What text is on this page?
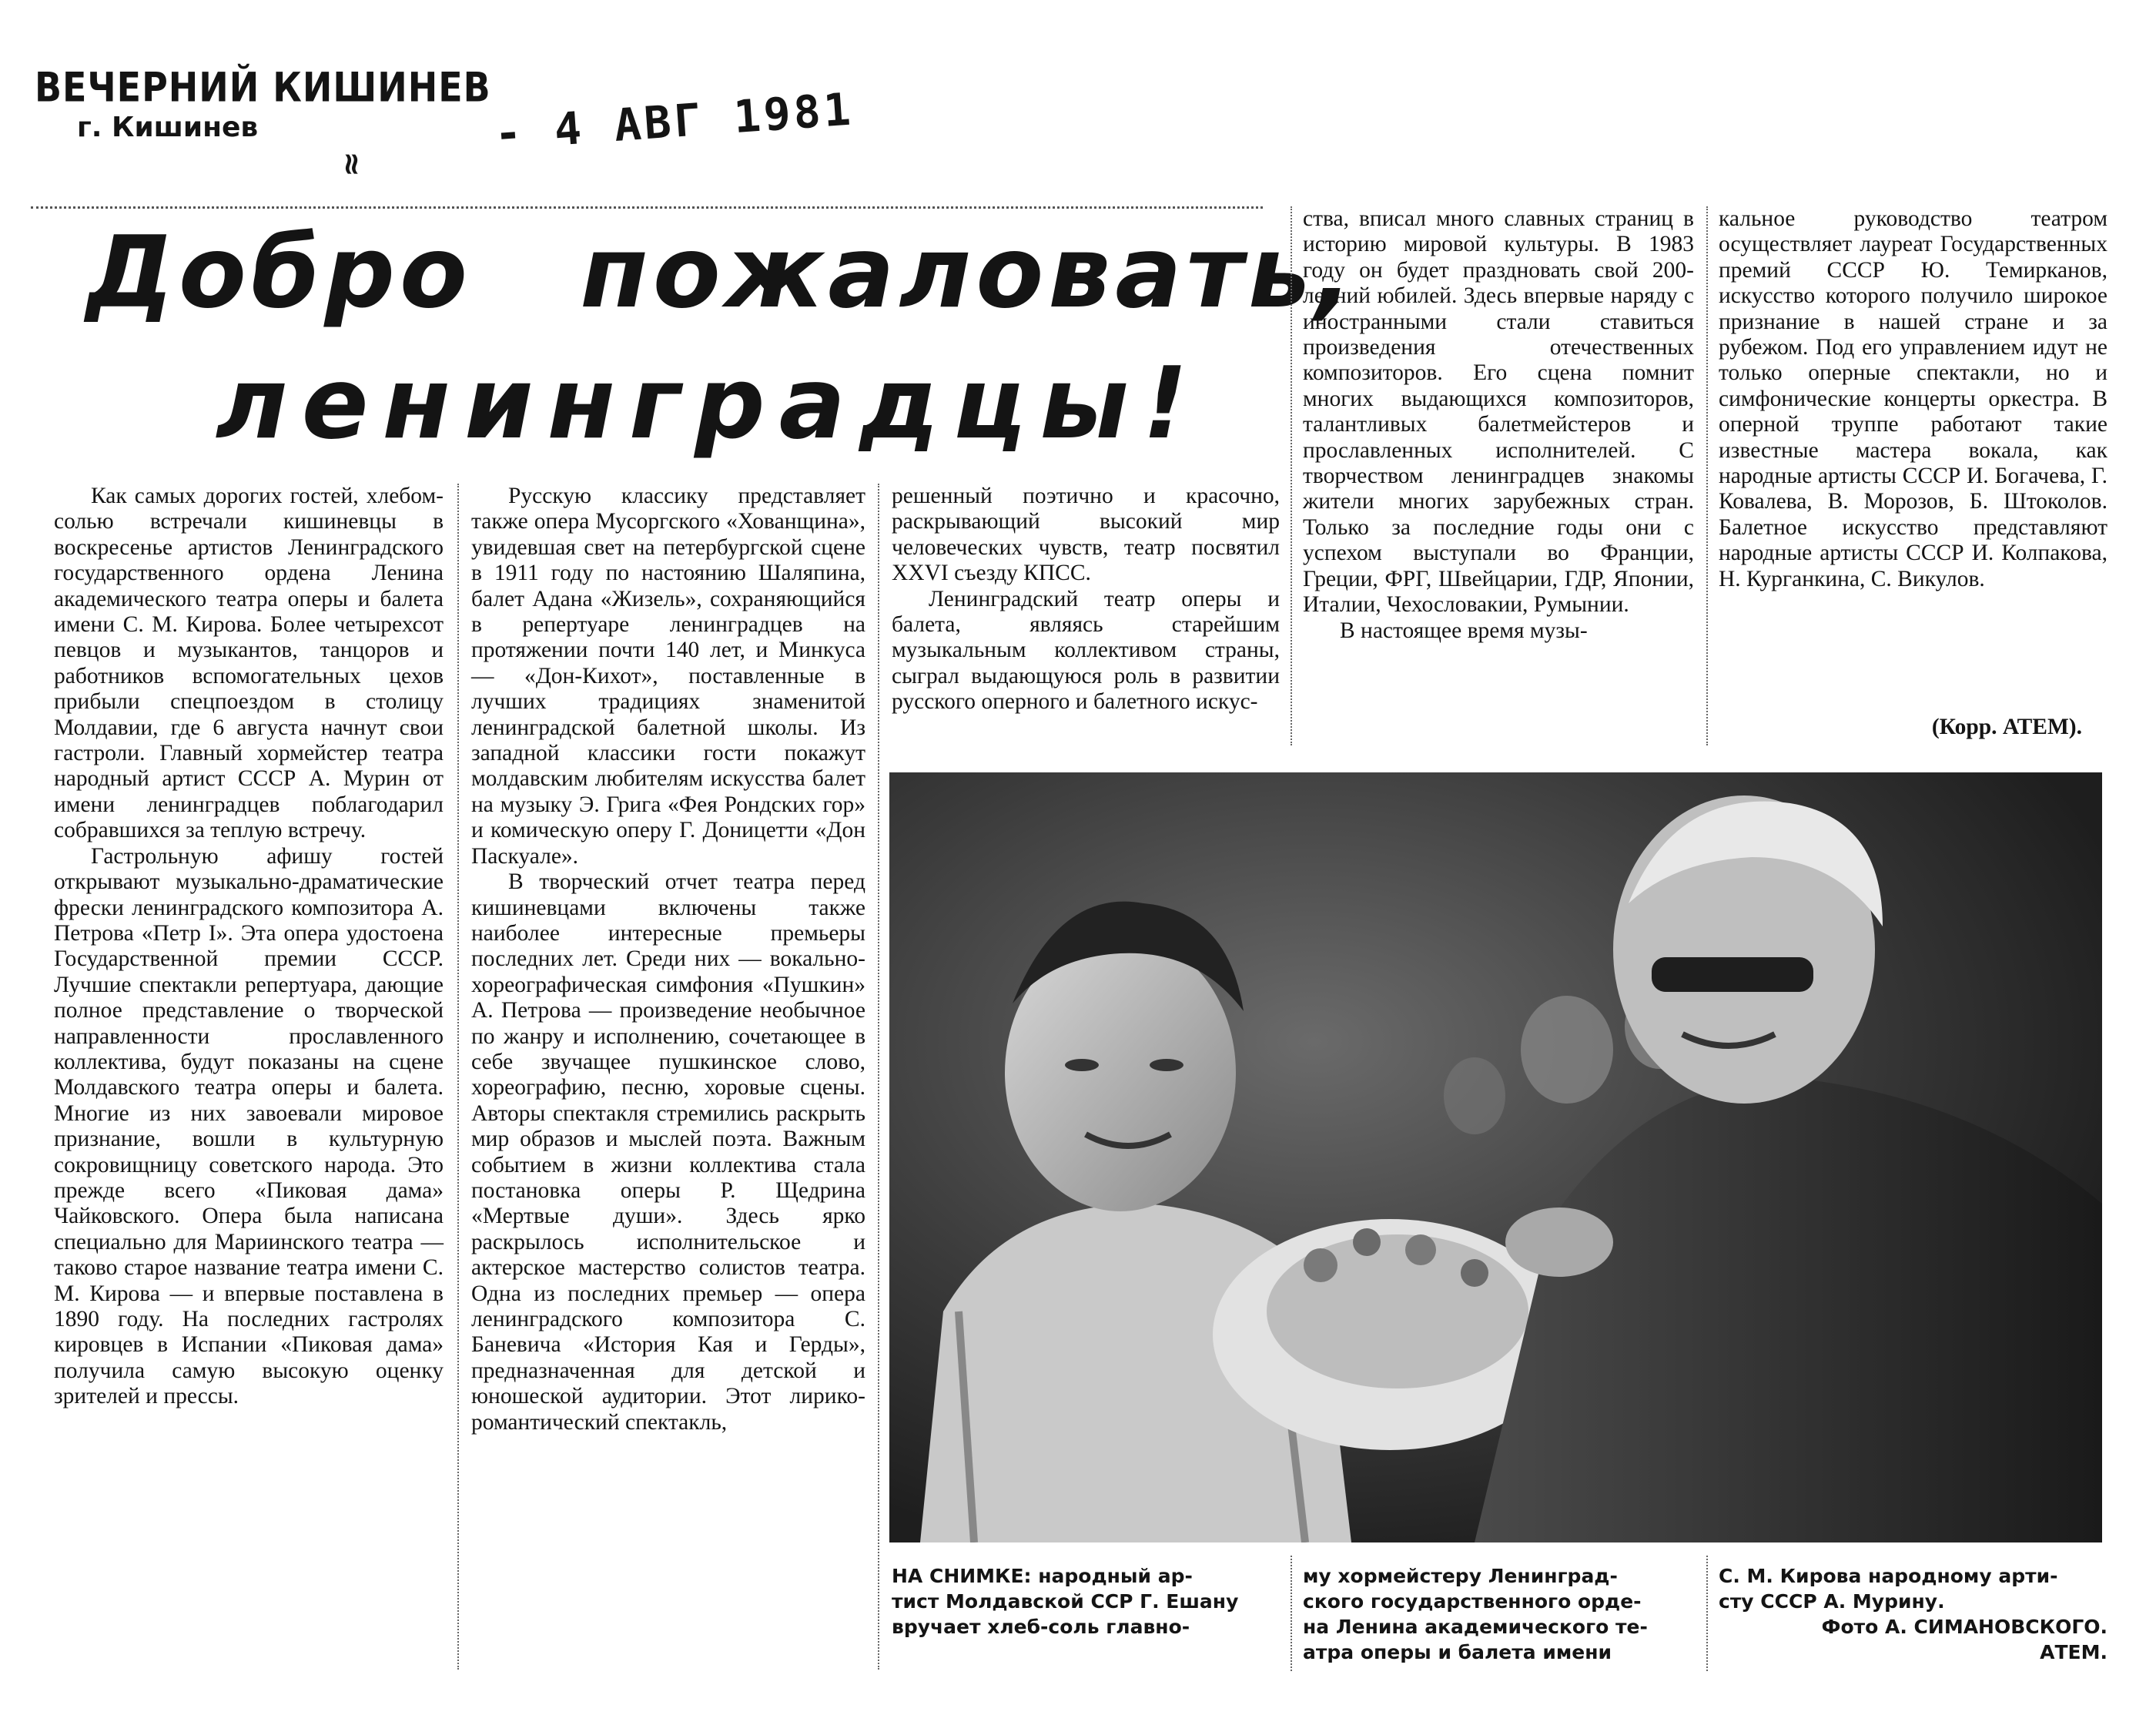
ВЕЧЕРНИЙ КИШИНЕВ
г. Кишинев
≈
- 4 АВГ 1981
Добро пожаловать,
ленинградцы!

Как самых дорогих гостей, хлебом-солью встречали кишиневцы в воскресенье артистов Ленинградского государственного ордена Ленина академического театра оперы и балета имени С. М. Кирова. Более четырехсот певцов и музыкантов, танцоров и работников вспомогательных цехов прибыли спецпоездом в столицу Молдавии, где 6 августа начнут свои гастроли. Главный хормейстер театра народный артист СССР А. Мурин от имени ленинградцев поблагодарил собравшихся за теплую встречу.

Гастрольную афишу гостей открывают музыкально-драматические фрески ленинградского композитора А. Петрова «Петр I». Эта опера удостоена Государственной премии СССР. Лучшие спектакли репертуара, дающие полное представление о творческой направленности прославленного коллектива, будут показаны на сцене Молдавского театра оперы и балета. Многие из них завоевали мировое признание, вошли в культурную сокровищницу советского народа. Это прежде всего «Пиковая дама» Чайковского. Опера была написана специально для Мариинского театра — таково старое название театра имени С. М. Кирова — и впервые поставлена в 1890 году. На последних гастролях кировцев в Испании «Пиковая дама» получила самую высокую оценку зрителей и прессы.

Русскую классику представляет также опера Мусоргского «Хованщина», увидевшая свет на петербургской сцене в 1911 году по настоянию Шаляпина, балет Адана «Жизель», сохраняющийся в репертуаре ленинградцев на протяжении почти 140 лет, и Минкуса — «Дон-Кихот», поставленные в лучших традициях знаменитой ленинградской балетной школы. Из западной классики гости покажут молдавским любителям искусства балет на музыку Э. Грига «Фея Рондских гор» и комическую оперу Г. Доницетти «Дон Паскуале».

В творческий отчет театра перед кишиневцами включены также наиболее интересные премьеры последних лет. Среди них — вокально-хореографическая симфония «Пушкин» А. Петрова — произведение необычное по жанру и исполнению, сочетающее в себе звучащее пушкинское слово, хореографию, песню, хоровые сцены. Авторы спектакля стремились раскрыть мир образов и мыслей поэта. Важным событием в жизни коллектива стала постановка оперы Р. Щедрина «Мертвые души». Здесь ярко раскрылось исполнительское и актерское мастерство солистов театра. Одна из последних премьер — опера ленинградского композитора С. Баневича «История Кая и Герды», предназначенная для детской и юношеской аудитории. Этот лирико-романтический спектакль,

решенный поэтично и красочно, раскрывающий высокий мир человеческих чувств, театр посвятил XXVI съезду КПСС.

Ленинградский театр оперы и балета, являясь старейшим музыкальным коллективом страны, сыграл выдающуюся роль в развитии русского оперного и балетного искус-

ства, вписал много славных страниц в историю мировой культуры. В 1983 году он будет праздновать свой 200-летний юбилей. Здесь впервые наряду с иностранными стали ставиться произведения отечественных композиторов. Его сцена помнит многих выдающихся композиторов, талантливых балетмейстеров и прославленных исполнителей. С творчеством ленинградцев знакомы жители многих зарубежных стран. Только за последние годы они с успехом выступали во Франции, Греции, ФРГ, Швейцарии, ГДР, Японии, Италии, Чехословакии, Румынии.

В настоящее время музы-

кальное руководство театром осуществляет лауреат Государственных премий СССР Ю. Темирканов, искусство которого получило широкое признание в нашей стране и за рубежом. Под его управлением идут не только оперные спектакли, но и симфонические концерты оркестра. В оперной труппе работают такие известные мастера вокала, как народные артисты СССР И. Богачева, Г. Ковалева, В. Морозов, Б. Штоколов. Балетное искусство представляют народные артисты СССР И. Колпакова, Н. Курганкина, С. Викулов.

(Корр. АТЕМ).
НА СНИМКЕ: народный ар-
тист Молдавской ССР Г. Ешану
вручает хлеб-соль главно-
му хормейстеру Ленинград-
ского государственного орде-
на Ленина академического те-
атра оперы и балета имени
С. М. Кирова народному арти-
сту СССР А. Мурину.
Фото А. СИМАНОВСКОГО.
АТЕМ.
